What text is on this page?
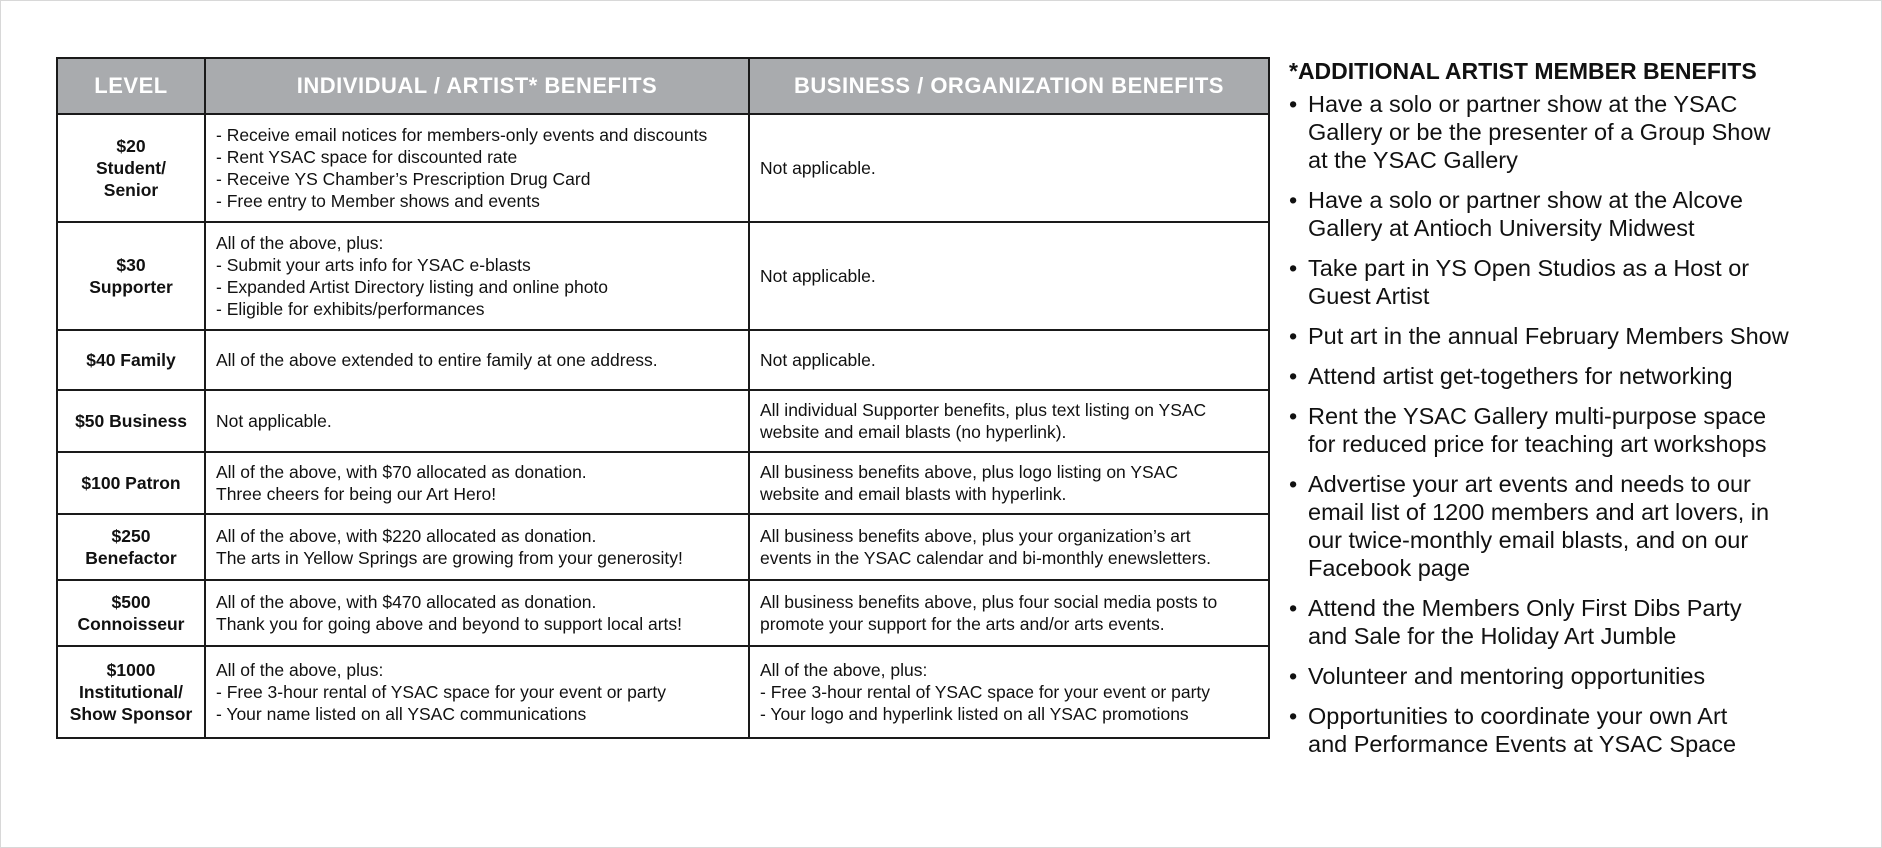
LEVEL	INDIVIDUAL / ARTIST* BENEFITS	BUSINESS / ORGANIZATION BENEFITS

$20
Student/
Senior	- Receive email notices for members-only events and discounts
- Rent YSAC space for discounted rate
- Receive YS Chamber’s Prescription Drug Card
- Free entry to Member shows and events	Not applicable.

$30
Supporter	All of the above, plus:
- Submit your arts info for YSAC e-blasts
- Expanded Artist Directory listing and online photo
- Eligible for exhibits/performances	Not applicable.

$40 Family	All of the above extended to entire family at one address.	Not applicable.

$50 Business	Not applicable.	All individual Supporter benefits, plus text listing on YSAC
website and email blasts (no hyperlink).

$100 Patron	All of the above, with $70 allocated as donation.
Three cheers for being our Art Hero!	All business benefits above, plus logo listing on YSAC
website and email blasts with hyperlink.

$250
Benefactor	All of the above, with $220 allocated as donation.
The arts in Yellow Springs are growing from your generosity!	All business benefits above, plus your organization’s art
events in the YSAC calendar and bi-monthly enewsletters.

$500
Connoisseur	All of the above, with $470 allocated as donation.
Thank you for going above and beyond to support local arts!	All business benefits above, plus four social media posts to
promote your support for the arts and/or arts events.

$1000
Institutional/
Show Sponsor	All of the above, plus:
- Free 3-hour rental of YSAC space for your event or party
- Your name listed on all YSAC communications	All of the above, plus:
- Free 3-hour rental of YSAC space for your event or party
- Your logo and hyperlink listed on all YSAC promotions
*ADDITIONAL ARTIST MEMBER BENEFITS
• Have a solo or partner show at the YSAC
Gallery or be the presenter of a Group Show
at the YSAC Gallery
• Have a solo or partner show at the Alcove
Gallery at Antioch University Midwest
• Take part in YS Open Studios as a Host or
Guest Artist
• Put art in the annual February Members Show
• Attend artist get-togethers for networking
• Rent the YSAC Gallery multi-purpose space
for reduced price for teaching art workshops
• Advertise your art events and needs to our
email list of 1200 members and art lovers, in
our twice-monthly email blasts, and on our
Facebook page
• Attend the Members Only First Dibs Party
and Sale for the Holiday Art Jumble
• Volunteer and mentoring opportunities
• Opportunities to coordinate your own Art
and Performance Events at YSAC Space
